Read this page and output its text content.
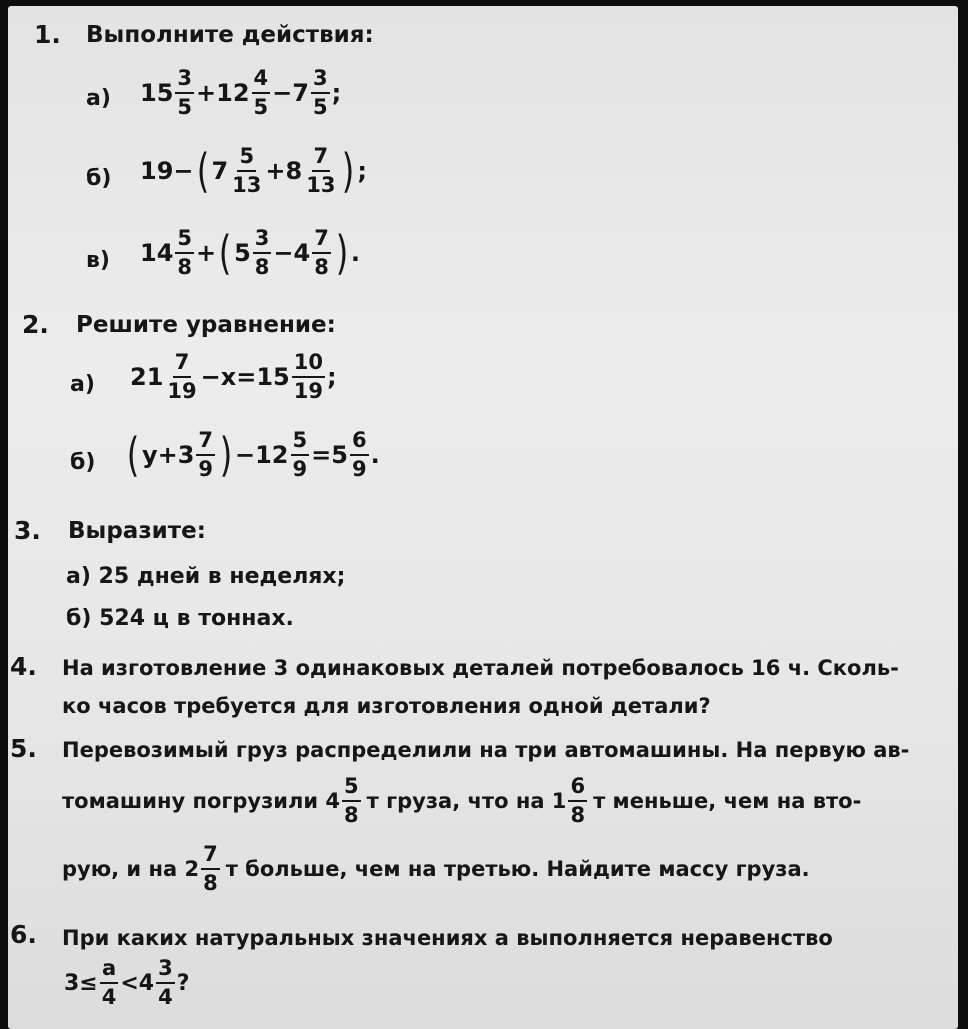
1. Выполните действия:
а) $15 \frac{3}{5} +12 \frac{4}{5} -7 \frac{3}{5}$ ;
б) 19− ( $7 \frac{5}{13} +8 \frac{7}{13}$ ) ;
в) $14 \frac{5}{8}$ + ( $5 \frac{3}{8} -4 \frac{7}{8}$ ) .
2. Решите уравнение:
а) $21 \frac{7}{19} -x=15 \frac{10}{19}$ ;
б) ( $y+3 \frac{7}{9}$ ) $-12 \frac{5}{9} =5 \frac{6}{9}$ .
3. Выразите:
а) 25 дней в неделях;
б) 524 ц в тоннах.
4. На изготовление 3 одинаковых деталей потребовалось 16 ч. Сколь-
ко часов требуется для изготовления одной детали?
5. Перевозимый груз распределили на три автомашины. На первую ав-
томашину погрузили $4 \frac{5}{8}$ т груза, что на $1 \frac{6}{8}$ т меньше, чем на вто-
рую, и на $2 \frac{7}{8}$ т больше, чем на третью. Найдите массу груза.
6. При каких натуральных значениях a выполняется неравенство
$3\le \frac{a}{4} <4 \frac{3}{4}$ ?
